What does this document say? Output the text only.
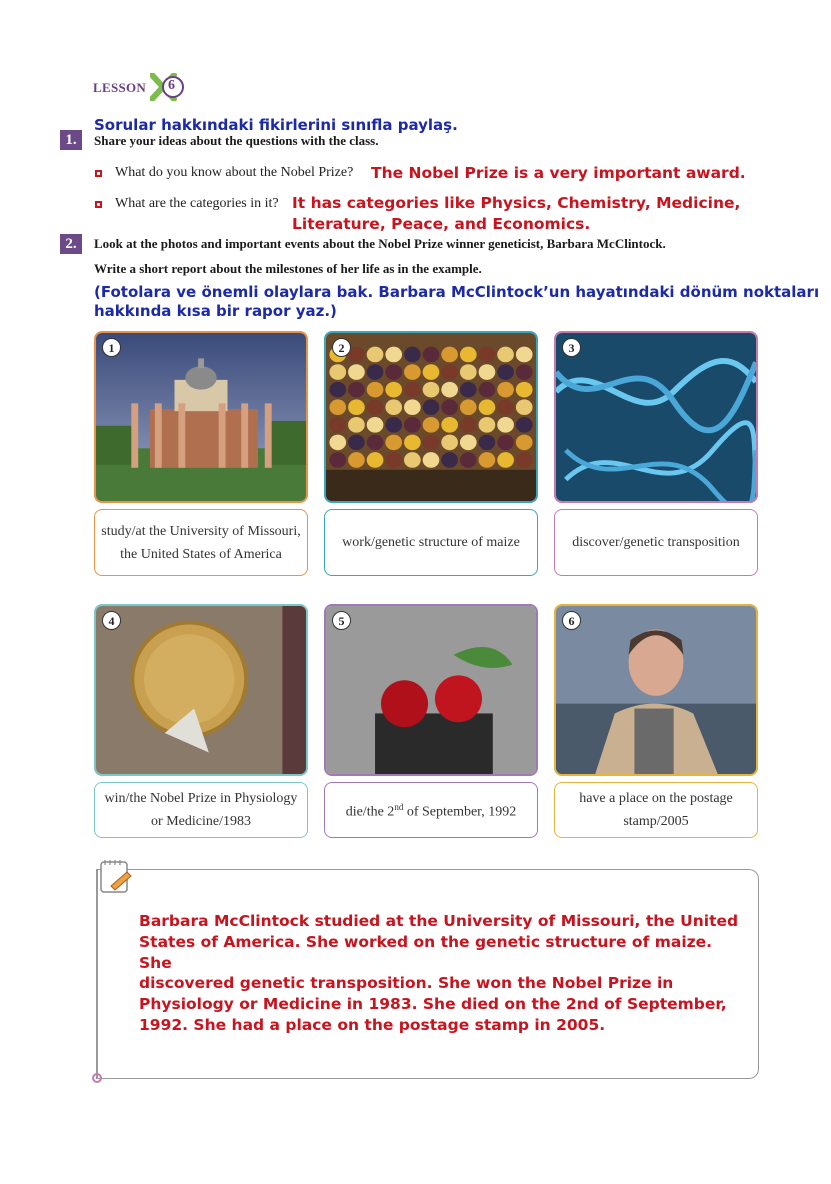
LESSON 6
Sorular hakkındaki fikirlerini sınıfla paylaş.
1.	Share your ideas about the questions with the class.
What do you know about the Nobel Prize? The Nobel Prize is a very important award.
What are the categories in it? It has categories like Physics, Chemistry, Medicine,
Literature, Peace, and Economics.
2.	Look at the photos and important events about the Nobel Prize winner geneticist, Barbara McClintock.
Write a short report about the milestones of her life as in the example.
(Fotolara ve önemli olaylara bak. Barbara McClintock’un hayatındaki dönüm noktaları
hakkında kısa bir rapor yaz.)
1
study/at the University of Missouri, the United States of America
2
work/genetic structure of maize
3
discover/genetic transposition
4
win/the Nobel Prize in Physiology or Medicine/1983
5
die/the 2nd of September, 1992
6
have a place on the postage stamp/2005
Barbara McClintock studied at the University of Missouri, the United
States of America. She worked on the genetic structure of maize. She
discovered genetic transposition. She won the Nobel Prize in
Physiology or Medicine in 1983. She died on the 2nd of September,
1992. She had a place on the postage stamp in 2005.
